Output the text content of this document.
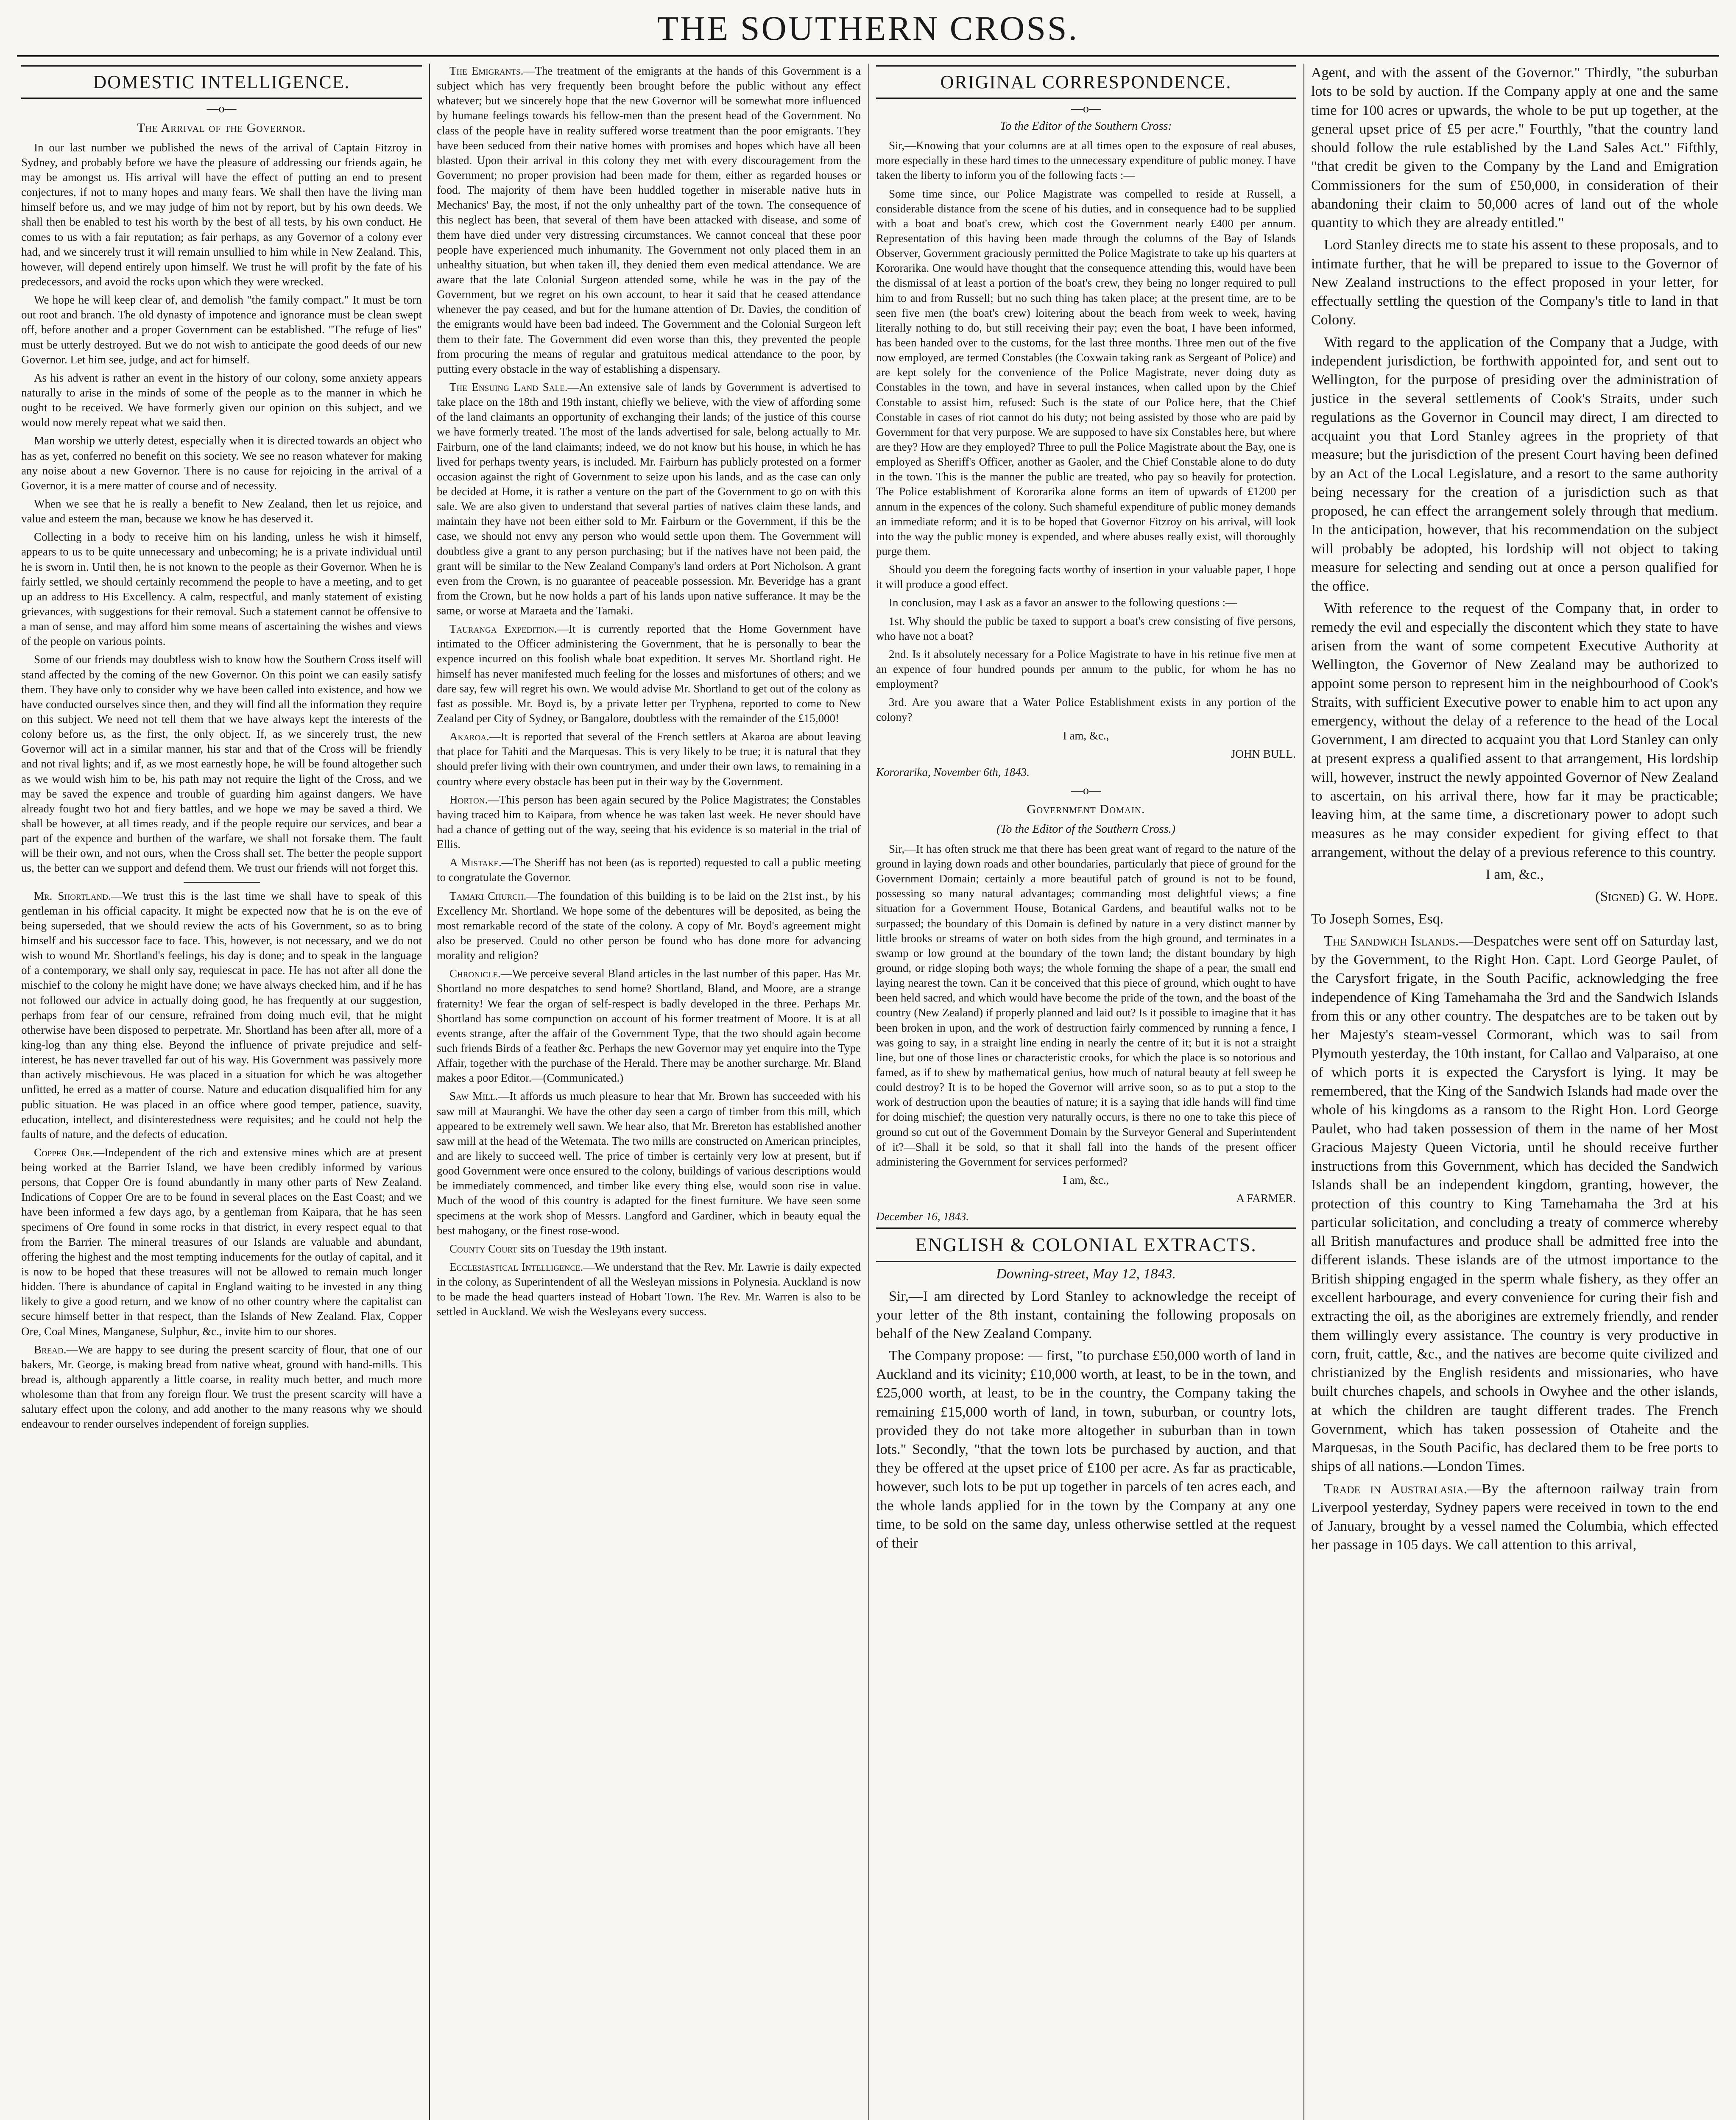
THE SOUTHERN CROSS.
DOMESTIC INTELLIGENCE.
—o—
The Arrival of the Governor.

In our last number we published the news of the arrival of Captain Fitzroy in Sydney, and probably before we have the pleasure of addressing our friends again, he may be amongst us. His arrival will have the effect of putting an end to present conjectures, if not to many hopes and many fears. We shall then have the living man himself before us, and we may judge of him not by report, but by his own deeds. We shall then be enabled to test his worth by the best of all tests, by his own conduct. He comes to us with a fair reputation; as fair perhaps, as any Governor of a colony ever had, and we sincerely trust it will remain unsullied to him while in New Zealand. This, however, will depend entirely upon himself. We trust he will profit by the fate of his predecessors, and avoid the rocks upon which they were wrecked.

We hope he will keep clear of, and demolish "the family compact." It must be torn out root and branch. The old dynasty of impotence and ignorance must be clean swept off, before another and a proper Government can be established. "The refuge of lies" must be utterly destroyed. But we do not wish to anticipate the good deeds of our new Governor. Let him see, judge, and act for himself.

As his advent is rather an event in the history of our colony, some anxiety appears naturally to arise in the minds of some of the people as to the manner in which he ought to be received. We have formerly given our opinion on this subject, and we would now merely repeat what we said then.

Man worship we utterly detest, especially when it is directed towards an object who has as yet, conferred no benefit on this society. We see no reason whatever for making any noise about a new Governor. There is no cause for rejoicing in the arrival of a Governor, it is a mere matter of course and of necessity.

When we see that he is really a benefit to New Zealand, then let us rejoice, and value and esteem the man, because we know he has deserved it.

Collecting in a body to receive him on his landing, unless he wish it himself, appears to us to be quite unnecessary and unbecoming; he is a private individual until he is sworn in. Until then, he is not known to the people as their Governor. When he is fairly settled, we should certainly recommend the people to have a meeting, and to get up an address to His Excellency. A calm, respectful, and manly statement of existing grievances, with suggestions for their removal. Such a statement cannot be offensive to a man of sense, and may afford him some means of ascertaining the wishes and views of the people on various points.

Some of our friends may doubtless wish to know how the Southern Cross itself will stand affected by the coming of the new Governor. On this point we can easily satisfy them. They have only to consider why we have been called into existence, and how we have conducted ourselves since then, and they will find all the information they require on this subject. We need not tell them that we have always kept the interests of the colony before us, as the first, the only object. If, as we sincerely trust, the new Governor will act in a similar manner, his star and that of the Cross will be friendly and not rival lights; and if, as we most earnestly hope, he will be found altogether such as we would wish him to be, his path may not require the light of the Cross, and we may be saved the expence and trouble of guarding him against dangers. We have already fought two hot and fiery battles, and we hope we may be saved a third. We shall be however, at all times ready, and if the people require our services, and bear a part of the expence and burthen of the warfare, we shall not forsake them. The fault will be their own, and not ours, when the Cross shall set. The better the people support us, the better can we support and defend them. We trust our friends will not forget this.

Mr. Shortland.—We trust this is the last time we shall have to speak of this gentleman in his official capacity. It might be expected now that he is on the eve of being superseded, that we should review the acts of his Government, so as to bring himself and his successor face to face. This, however, is not necessary, and we do not wish to wound Mr. Shortland's feelings, his day is done; and to speak in the language of a contemporary, we shall only say, requiescat in pace. He has not after all done the mischief to the colony he might have done; we have always checked him, and if he has not followed our advice in actually doing good, he has frequently at our suggestion, perhaps from fear of our censure, refrained from doing much evil, that he might otherwise have been disposed to perpetrate. Mr. Shortland has been after all, more of a king-log than any thing else. Beyond the influence of private prejudice and self-interest, he has never travelled far out of his way. His Government was passively more than actively mischievous. He was placed in a situation for which he was altogether unfitted, he erred as a matter of course. Nature and education disqualified him for any public situation. He was placed in an office where good temper, patience, suavity, education, intellect, and disinterestedness were requisites; and he could not help the faults of nature, and the defects of education.

Copper Ore.—Independent of the rich and extensive mines which are at present being worked at the Barrier Island, we have been credibly informed by various persons, that Copper Ore is found abundantly in many other parts of New Zealand. Indications of Copper Ore are to be found in several places on the East Coast; and we have been informed a few days ago, by a gentleman from Kaipara, that he has seen specimens of Ore found in some rocks in that district, in every respect equal to that from the Barrier. The mineral treasures of our Islands are valuable and abundant, offering the highest and the most tempting inducements for the outlay of capital, and it is now to be hoped that these treasures will not be allowed to remain much longer hidden. There is abundance of capital in England waiting to be invested in any thing likely to give a good return, and we know of no other country where the capitalist can secure himself better in that respect, than the Islands of New Zealand. Flax, Copper Ore, Coal Mines, Manganese, Sulphur, &c., invite him to our shores.

Bread.—We are happy to see during the present scarcity of flour, that one of our bakers, Mr. George, is making bread from native wheat, ground with hand-mills. This bread is, although apparently a little coarse, in reality much better, and much more wholesome than that from any foreign flour. We trust the present scarcity will have a salutary effect upon the colony, and add another to the many reasons why we should endeavour to render ourselves independent of foreign supplies.

The Emigrants.—The treatment of the emigrants at the hands of this Government is a subject which has very frequently been brought before the public without any effect whatever; but we sincerely hope that the new Governor will be somewhat more influenced by humane feelings towards his fellow-men than the present head of the Government. No class of the people have in reality suffered worse treatment than the poor emigrants. They have been seduced from their native homes with promises and hopes which have all been blasted. Upon their arrival in this colony they met with every discouragement from the Government; no proper provision had been made for them, either as regarded houses or food. The majority of them have been huddled together in miserable native huts in Mechanics' Bay, the most, if not the only unhealthy part of the town. The consequence of this neglect has been, that several of them have been attacked with disease, and some of them have died under very distressing circumstances. We cannot conceal that these poor people have experienced much inhumanity. The Government not only placed them in an unhealthy situation, but when taken ill, they denied them even medical attendance. We are aware that the late Colonial Surgeon attended some, while he was in the pay of the Government, but we regret on his own account, to hear it said that he ceased attendance whenever the pay ceased, and but for the humane attention of Dr. Davies, the condition of the emigrants would have been bad indeed. The Government and the Colonial Surgeon left them to their fate. The Government did even worse than this, they prevented the people from procuring the means of regular and gratuitous medical attendance to the poor, by putting every obstacle in the way of establishing a dispensary.

The Ensuing Land Sale.—An extensive sale of lands by Government is advertised to take place on the 18th and 19th instant, chiefly we believe, with the view of affording some of the land claimants an opportunity of exchanging their lands; of the justice of this course we have formerly treated. The most of the lands advertised for sale, belong actually to Mr. Fairburn, one of the land claimants; indeed, we do not know but his house, in which he has lived for perhaps twenty years, is included. Mr. Fairburn has publicly protested on a former occasion against the right of Government to seize upon his lands, and as the case can only be decided at Home, it is rather a venture on the part of the Government to go on with this sale. We are also given to understand that several parties of natives claim these lands, and maintain they have not been either sold to Mr. Fairburn or the Government, if this be the case, we should not envy any person who would settle upon them. The Government will doubtless give a grant to any person purchasing; but if the natives have not been paid, the grant will be similar to the New Zealand Company's land orders at Port Nicholson. A grant even from the Crown, is no guarantee of peaceable possession. Mr. Beveridge has a grant from the Crown, but he now holds a part of his lands upon native sufferance. It may be the same, or worse at Maraeta and the Tamaki.

Tauranga Expedition.—It is currently reported that the Home Government have intimated to the Officer administering the Government, that he is personally to bear the expence incurred on this foolish whale boat expedition. It serves Mr. Shortland right. He himself has never manifested much feeling for the losses and misfortunes of others; and we dare say, few will regret his own. We would advise Mr. Shortland to get out of the colony as fast as possible. Mr. Boyd is, by a private letter per Tryphena, reported to come to New Zealand per City of Sydney, or Bangalore, doubtless with the remainder of the £15,000!

Akaroa.—It is reported that several of the French settlers at Akaroa are about leaving that place for Tahiti and the Marquesas. This is very likely to be true; it is natural that they should prefer living with their own countrymen, and under their own laws, to remaining in a country where every obstacle has been put in their way by the Government.

Horton.—This person has been again secured by the Police Magistrates; the Constables having traced him to Kaipara, from whence he was taken last week. He never should have had a chance of getting out of the way, seeing that his evidence is so material in the trial of Ellis.

A Mistake.—The Sheriff has not been (as is reported) requested to call a public meeting to congratulate the Governor.

Tamaki Church.—The foundation of this building is to be laid on the 21st inst., by his Excellency Mr. Shortland. We hope some of the debentures will be deposited, as being the most remarkable record of the state of the colony. A copy of Mr. Boyd's agreement might also be preserved. Could no other person be found who has done more for advancing morality and religion?

Chronicle.—We perceive several Bland articles in the last number of this paper. Has Mr. Shortland no more despatches to send home? Shortland, Bland, and Moore, are a strange fraternity! We fear the organ of self-respect is badly developed in the three. Perhaps Mr. Shortland has some compunction on account of his former treatment of Moore. It is at all events strange, after the affair of the Government Type, that the two should again become such friends Birds of a feather &c. Perhaps the new Governor may yet enquire into the Type Affair, together with the purchase of the Herald. There may be another surcharge. Mr. Bland makes a poor Editor.—(Communicated.)

Saw Mill.—It affords us much pleasure to hear that Mr. Brown has succeeded with his saw mill at Mauranghi. We have the other day seen a cargo of timber from this mill, which appeared to be extremely well sawn. We hear also, that Mr. Brereton has established another saw mill at the head of the Wetemata. The two mills are constructed on American principles, and are likely to succeed well. The price of timber is certainly very low at present, but if good Government were once ensured to the colony, buildings of various descriptions would be immediately commenced, and timber like every thing else, would soon rise in value. Much of the wood of this country is adapted for the finest furniture. We have seen some specimens at the work shop of Messrs. Langford and Gardiner, which in beauty equal the best mahogany, or the finest rose-wood.

County Court sits on Tuesday the 19th instant.

Ecclesiastical Intelligence.—We understand that the Rev. Mr. Lawrie is daily expected in the colony, as Superintendent of all the Wesleyan missions in Polynesia. Auckland is now to be made the head quarters instead of Hobart Town. The Rev. Mr. Warren is also to be settled in Auckland. We wish the Wesleyans every success.

ORIGINAL CORRESPONDENCE.
—o—
To the Editor of the Southern Cross:

Sir,—Knowing that your columns are at all times open to the exposure of real abuses, more especially in these hard times to the unnecessary expenditure of public money. I have taken the liberty to inform you of the following facts :—

Some time since, our Police Magistrate was compelled to reside at Russell, a considerable distance from the scene of his duties, and in consequence had to be supplied with a boat and boat's crew, which cost the Government nearly £400 per annum. Representation of this having been made through the columns of the Bay of Islands Observer, Government graciously permitted the Police Magistrate to take up his quarters at Kororarika. One would have thought that the consequence attending this, would have been the dismissal of at least a portion of the boat's crew, they being no longer required to pull him to and from Russell; but no such thing has taken place; at the present time, are to be seen five men (the boat's crew) loitering about the beach from week to week, having literally nothing to do, but still receiving their pay; even the boat, I have been informed, has been handed over to the customs, for the last three months. Three men out of the five now employed, are termed Constables (the Coxwain taking rank as Sergeant of Police) and are kept solely for the convenience of the Police Magistrate, never doing duty as Constables in the town, and have in several instances, when called upon by the Chief Constable to assist him, refused: Such is the state of our Police here, that the Chief Constable in cases of riot cannot do his duty; not being assisted by those who are paid by Government for that very purpose. We are supposed to have six Constables here, but where are they? How are they employed? Three to pull the Police Magistrate about the Bay, one is employed as Sheriff's Officer, another as Gaoler, and the Chief Constable alone to do duty in the town. This is the manner the public are treated, who pay so heavily for protection. The Police establishment of Kororarika alone forms an item of upwards of £1200 per annum in the expences of the colony. Such shameful expenditure of public money demands an immediate reform; and it is to be hoped that Governor Fitzroy on his arrival, will look into the way the public money is expended, and where abuses really exist, will thoroughly purge them.

Should you deem the foregoing facts worthy of insertion in your valuable paper, I hope it will produce a good effect.

In conclusion, may I ask as a favor an answer to the following questions :—

1st. Why should the public be taxed to support a boat's crew consisting of five persons, who have not a boat?

2nd. Is it absolutely necessary for a Police Magistrate to have in his retinue five men at an expence of four hundred pounds per annum to the public, for whom he has no employment?

3rd. Are you aware that a Water Police Establishment exists in any portion of the colony?

I am, &c.,

JOHN BULL.
Kororarika, November 6th, 1843.
—o—
Government Domain.
(To the Editor of the Southern Cross.)

Sir,—It has often struck me that there has been great want of regard to the nature of the ground in laying down roads and other boundaries, particularly that piece of ground for the Government Domain; certainly a more beautiful patch of ground is not to be found, possessing so many natural advantages; commanding most delightful views; a fine situation for a Government House, Botanical Gardens, and beautiful walks not to be surpassed; the boundary of this Domain is defined by nature in a very distinct manner by little brooks or streams of water on both sides from the high ground, and terminates in a swamp or low ground at the boundary of the town land; the distant boundary by high ground, or ridge sloping both ways; the whole forming the shape of a pear, the small end laying nearest the town. Can it be conceived that this piece of ground, which ought to have been held sacred, and which would have become the pride of the town, and the boast of the country (New Zealand) if properly planned and laid out? Is it possible to imagine that it has been broken in upon, and the work of destruction fairly commenced by running a fence, I was going to say, in a straight line ending in nearly the centre of it; but it is not a straight line, but one of those lines or characteristic crooks, for which the place is so notorious and famed, as if to shew by mathematical genius, how much of natural beauty at fell sweep he could destroy? It is to be hoped the Governor will arrive soon, so as to put a stop to the work of destruction upon the beauties of nature; it is a saying that idle hands will find time for doing mischief; the question very naturally occurs, is there no one to take this piece of ground so cut out of the Government Domain by the Surveyor General and Superintendent of it?—Shall it be sold, so that it shall fall into the hands of the present officer administering the Government for services performed?

I am, &c.,

A FARMER.
December 16, 1843.
ENGLISH & COLONIAL EXTRACTS.

Downing-street, May 12, 1843.

Sir,—I am directed by Lord Stanley to acknowledge the receipt of your letter of the 8th instant, containing the following proposals on behalf of the New Zealand Company.

The Company propose: — first, "to purchase £50,000 worth of land in Auckland and its vicinity; £10,000 worth, at least, to be in the town, and £25,000 worth, at least, to be in the country, the Company taking the remaining £15,000 worth of land, in town, suburban, or country lots, provided they do not take more altogether in suburban than in town lots." Secondly, "that the town lots be purchased by auction, and that they be offered at the upset price of £100 per acre. As far as practicable, however, such lots to be put up together in parcels of ten acres each, and the whole lands applied for in the town by the Company at any one time, to be sold on the same day, unless otherwise settled at the request of their

Agent, and with the assent of the Governor." Thirdly, "the suburban lots to be sold by auction. If the Company apply at one and the same time for 100 acres or upwards, the whole to be put up together, at the general upset price of £5 per acre." Fourthly, "that the country land should follow the rule established by the Land Sales Act." Fifthly, "that credit be given to the Company by the Land and Emigration Commissioners for the sum of £50,000, in consideration of their abandoning their claim to 50,000 acres of land out of the whole quantity to which they are already entitled."

Lord Stanley directs me to state his assent to these proposals, and to intimate further, that he will be prepared to issue to the Governor of New Zealand instructions to the effect proposed in your letter, for effectually settling the question of the Company's title to land in that Colony.

With regard to the application of the Company that a Judge, with independent jurisdiction, be forthwith appointed for, and sent out to Wellington, for the purpose of presiding over the administration of justice in the several settlements of Cook's Straits, under such regulations as the Governor in Council may direct, I am directed to acquaint you that Lord Stanley agrees in the propriety of that measure; but the jurisdiction of the present Court having been defined by an Act of the Local Legislature, and a resort to the same authority being necessary for the creation of a jurisdiction such as that proposed, he can effect the arrangement solely through that medium. In the anticipation, however, that his recommendation on the subject will probably be adopted, his lordship will not object to taking measure for selecting and sending out at once a person qualified for the office.

With reference to the request of the Company that, in order to remedy the evil and especially the discontent which they state to have arisen from the want of some competent Executive Authority at Wellington, the Governor of New Zealand may be authorized to appoint some person to represent him in the neighbourhood of Cook's Straits, with sufficient Executive power to enable him to act upon any emergency, without the delay of a reference to the head of the Local Government, I am directed to acquaint you that Lord Stanley can only at present express a qualified assent to that arrangement, His lordship will, however, instruct the newly appointed Governor of New Zealand to ascertain, on his arrival there, how far it may be practicable; leaving him, at the same time, a discretionary power to adopt such measures as he may consider expedient for giving effect to that arrangement, without the delay of a previous reference to this country.

I am, &c.,

(Signed) G. W. Hope.

To Joseph Somes, Esq.

The Sandwich Islands.—Despatches were sent off on Saturday last, by the Government, to the Right Hon. Capt. Lord George Paulet, of the Carysfort frigate, in the South Pacific, acknowledging the free independence of King Tamehamaha the 3rd and the Sandwich Islands from this or any other country. The despatches are to be taken out by her Majesty's steam-vessel Cormorant, which was to sail from Plymouth yesterday, the 10th instant, for Callao and Valparaiso, at one of which ports it is expected the Carysfort is lying. It may be remembered, that the King of the Sandwich Islands had made over the whole of his kingdoms as a ransom to the Right Hon. Lord George Paulet, who had taken possession of them in the name of her Most Gracious Majesty Queen Victoria, until he should receive further instructions from this Government, which has decided the Sandwich Islands shall be an independent kingdom, granting, however, the protection of this country to King Tamehamaha the 3rd at his particular solicitation, and concluding a treaty of commerce whereby all British manufactures and produce shall be admitted free into the different islands. These islands are of the utmost importance to the British shipping engaged in the sperm whale fishery, as they offer an excellent harbourage, and every convenience for curing their fish and extracting the oil, as the aborigines are extremely friendly, and render them willingly every assistance. The country is very productive in corn, fruit, cattle, &c., and the natives are become quite civilized and christianized by the English residents and missionaries, who have built churches chapels, and schools in Owyhee and the other islands, at which the children are taught different trades. The French Government, which has taken possession of Otaheite and the Marquesas, in the South Pacific, has declared them to be free ports to ships of all nations.—London Times.

Trade in Australasia.—By the afternoon railway train from Liverpool yesterday, Sydney papers were received in town to the end of January, brought by a vessel named the Columbia, which effected her passage in 105 days. We call attention to this arrival,
